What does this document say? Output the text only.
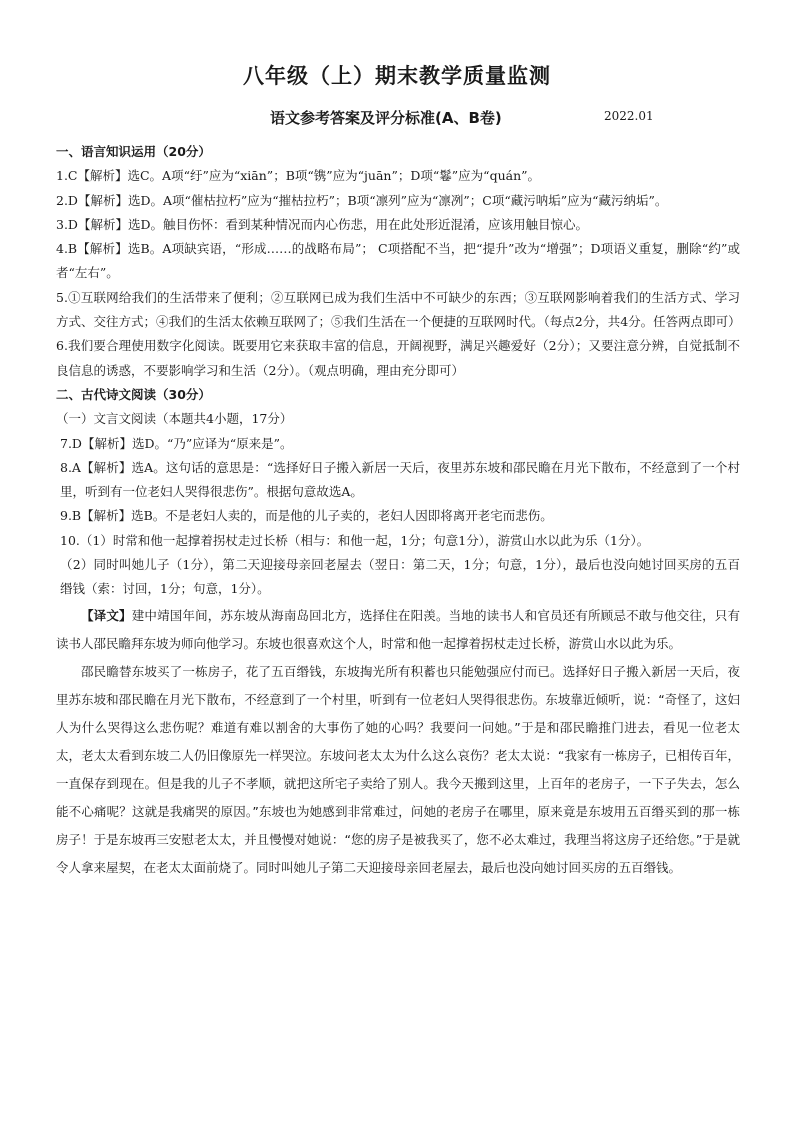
八年级（上）期末教学质量监测
语文参考答案及评分标准(A、B卷)	2022.01

一、语言知识运用（20分）

1.C【解析】选C。A项“纡”应为“xiān”；B项“镌”应为“juān”；D项“鬈”应为“quán”。

2.D【解析】选D。A项“催枯拉朽”应为“摧枯拉朽”；B项“凛列”应为“凛冽”；C项“藏污呐垢”应为“藏污纳垢”。

3.D【解析】选D。触目伤怀：看到某种情况而内心伤悲，用在此处形近混淆，应该用触目惊心。

4.B【解析】选B。A项缺宾语，“形成……的战略布局”； C项搭配不当，把“提升”改为“增强”；D项语义重复，删除“约”或者“左右”。

5.①互联网给我们的生活带来了便利；②互联网已成为我们生活中不可缺少的东西；③互联网影响着我们的生活方式、学习方式、交往方式；④我们的生活太依赖互联网了；⑤我们生活在一个便捷的互联网时代。（每点2分，共4分。任答两点即可）

6.我们要合理使用数字化阅读。既要用它来获取丰富的信息，开阔视野，满足兴趣爱好（2分）；又要注意分辨，自觉抵制不良信息的诱惑，不要影响学习和生活（2分）。（观点明确，理由充分即可）

二、古代诗文阅读（30分）

（一）文言文阅读（本题共4小题，17分）

7.D【解析】选D。“乃”应译为“原来是”。

8.A【解析】选A。这句话的意思是：“选择好日子搬入新居一天后，夜里苏东坡和邵民瞻在月光下散布，不经意到了一个村里，听到有一位老妇人哭得很悲伤”。根据句意故选A。

9.B【解析】选B。不是老妇人卖的，而是他的儿子卖的，老妇人因即将离开老宅而悲伤。

10.（1）时常和他一起撑着拐杖走过长桥（相与：和他一起，1分；句意1分），游赏山水以此为乐（1分）。

（2）同时叫她儿子（1分），第二天迎接母亲回老屋去（翌日：第二天，1分；句意，1分），最后也没向她讨回买房的五百缗钱（索：讨回，1分；句意，1分）。

【译文】建中靖国年间，苏东坡从海南岛回北方，选择住在阳羡。当地的读书人和官员还有所顾忌不敢与他交往，只有读书人邵民瞻拜东坡为师向他学习。东坡也很喜欢这个人，时常和他一起撑着拐杖走过长桥，游赏山水以此为乐。

邵民瞻替东坡买了一栋房子，花了五百缗钱，东坡掏光所有积蓄也只能勉强应付而已。选择好日子搬入新居一天后，夜里苏东坡和邵民瞻在月光下散布，不经意到了一个村里，听到有一位老妇人哭得很悲伤。东坡靠近倾听，说：“奇怪了，这妇人为什么哭得这么悲伤呢？难道有难以割舍的大事伤了她的心吗？我要问一问她。”于是和邵民瞻推门进去，看见一位老太太，老太太看到东坡二人仍旧像原先一样哭泣。东坡问老太太为什么这么哀伤？老太太说：“我家有一栋房子，已相传百年，一直保存到现在。但是我的儿子不孝顺，就把这所宅子卖给了别人。我今天搬到这里，上百年的老房子，一下子失去，怎么能不心痛呢？这就是我痛哭的原因。”东坡也为她感到非常难过，问她的老房子在哪里，原来竟是东坡用五百缗买到的那一栋房子！于是东坡再三安慰老太太，并且慢慢对她说：“您的房子是被我买了，您不必太难过，我理当将这房子还给您。”于是就令人拿来屋契，在老太太面前烧了。同时叫她儿子第二天迎接母亲回老屋去，最后也没向她讨回买房的五百缗钱。
